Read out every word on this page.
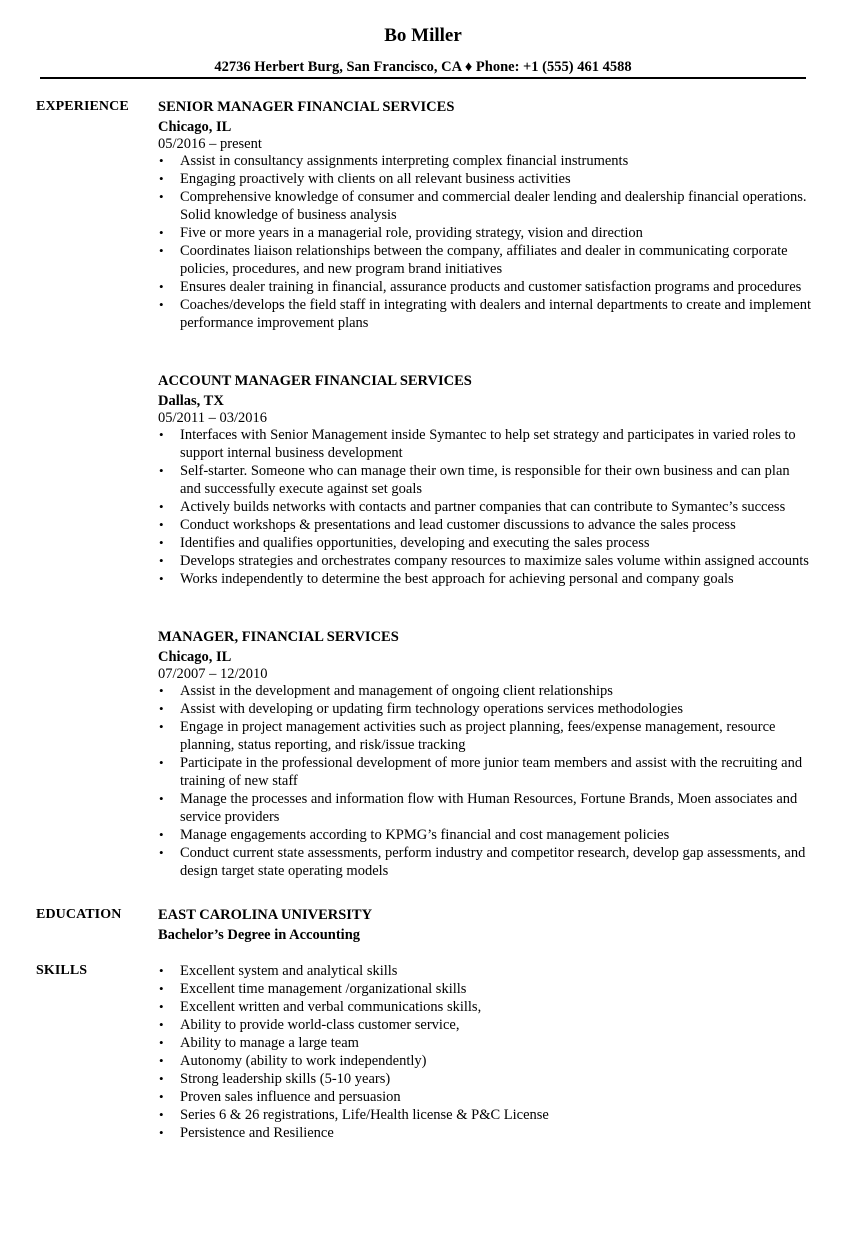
Bo Miller
42736 Herbert Burg, San Francisco, CA ♦ Phone: +1 (555) 461 4588
EXPERIENCE SENIOR MANAGER FINANCIAL SERVICES
Chicago, IL
05/2016 – present
• Assist in consultancy assignments interpreting complex financial instruments
• Engaging proactively with clients on all relevant business activities
• Comprehensive knowledge of consumer and commercial dealer lending and dealership financial operations. Solid knowledge of business analysis
• Five or more years in a managerial role, providing strategy, vision and direction
• Coordinates liaison relationships between the company, affiliates and dealer in communicating corporate policies, procedures, and new program brand initiatives
• Ensures dealer training in financial, assurance products and customer satisfaction programs and procedures
• Coaches/develops the field staff in integrating with dealers and internal departments to create and implement performance improvement plans
ACCOUNT MANAGER FINANCIAL SERVICES
Dallas, TX
05/2011 – 03/2016
• Interfaces with Senior Management inside Symantec to help set strategy and participates in varied roles to support internal business development
• Self-starter. Someone who can manage their own time, is responsible for their own business and can plan and successfully execute against set goals
• Actively builds networks with contacts and partner companies that can contribute to Symantec’s success
• Conduct workshops & presentations and lead customer discussions to advance the sales process
• Identifies and qualifies opportunities, developing and executing the sales process
• Develops strategies and orchestrates company resources to maximize sales volume within assigned accounts
• Works independently to determine the best approach for achieving personal and company goals
MANAGER, FINANCIAL SERVICES
Chicago, IL
07/2007 – 12/2010
• Assist in the development and management of ongoing client relationships
• Assist with developing or updating firm technology operations services methodologies
• Engage in project management activities such as project planning, fees/expense management, resource planning, status reporting, and risk/issue tracking
• Participate in the professional development of more junior team members and assist with the recruiting and training of new staff
• Manage the processes and information flow with Human Resources, Fortune Brands, Moen associates and service providers
• Manage engagements according to KPMG’s financial and cost management policies
• Conduct current state assessments, perform industry and competitor research, develop gap assessments, and design target state operating models
EDUCATION	EAST CAROLINA UNIVERSITY
Bachelor’s Degree in Accounting
SKILLS	• Excellent system and analytical skills
• Excellent time management /organizational skills
• Excellent written and verbal communications skills,
• Ability to provide world-class customer service,
• Ability to manage a large team
• Autonomy (ability to work independently)
• Strong leadership skills (5-10 years)
• Proven sales influence and persuasion
• Series 6 & 26 registrations, Life/Health license & P&C License
• Persistence and Resilience
